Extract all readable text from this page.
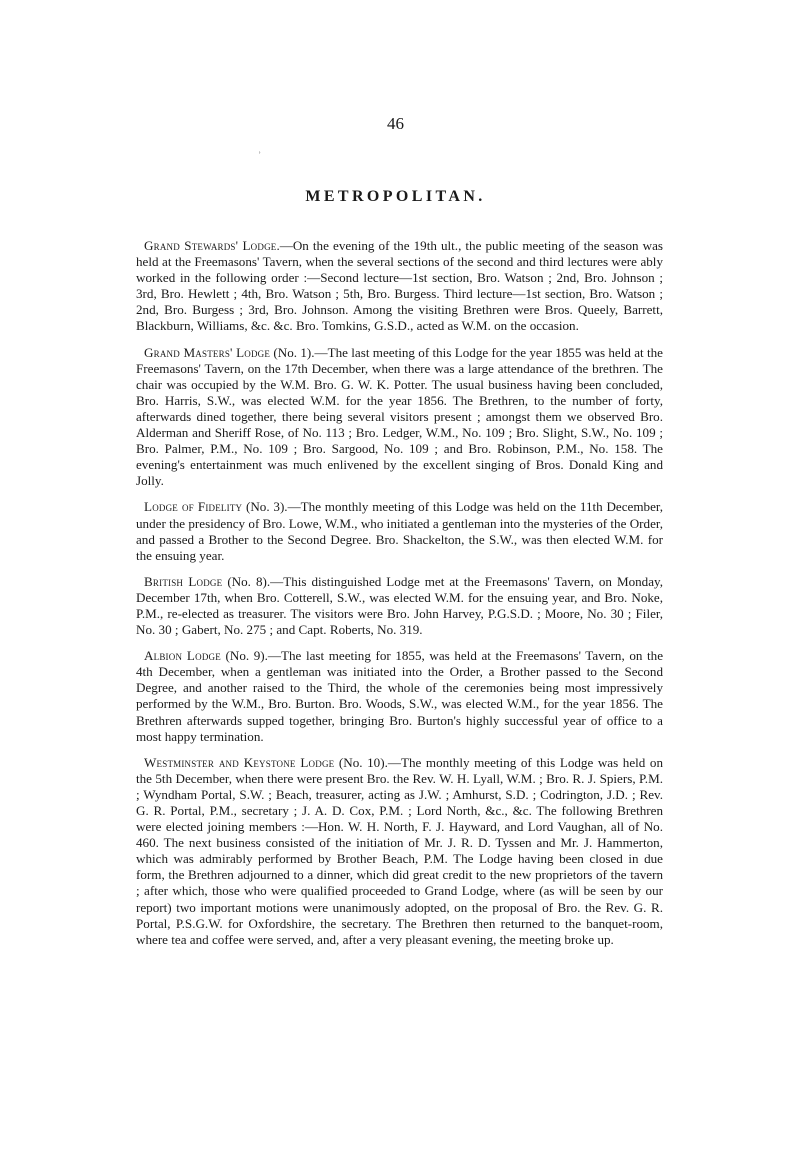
46
ʾ
METROPOLITAN.

Grand Stewards' Lodge.—On the evening of the 19th ult., the public meeting of the season was held at the Freemasons' Tavern, when the several sections of the second and third lectures were ably worked in the following order :—Second lecture—1st section, Bro. Watson ; 2nd, Bro. Johnson ; 3rd, Bro. Hewlett ; 4th, Bro. Watson ; 5th, Bro. Burgess. Third lecture—1st section, Bro. Watson ; 2nd, Bro. Burgess ; 3rd, Bro. Johnson. Among the visiting Brethren were Bros. Queely, Barrett, Blackburn, Williams, &c. &c. Bro. Tomkins, G.S.D., acted as W.M. on the occasion.

Grand Masters' Lodge (No. 1).—The last meeting of this Lodge for the year 1855 was held at the Freemasons' Tavern, on the 17th December, when there was a large attendance of the brethren. The chair was occupied by the W.M. Bro. G. W. K. Potter. The usual business having been concluded, Bro. Harris, S.W., was elected W.M. for the year 1856. The Brethren, to the number of forty, afterwards dined together, there being several visitors present ; amongst them we observed Bro. Alderman and Sheriff Rose, of No. 113 ; Bro. Ledger, W.M., No. 109 ; Bro. Slight, S.W., No. 109 ; Bro. Palmer, P.M., No. 109 ; Bro. Sargood, No. 109 ; and Bro. Robinson, P.M., No. 158. The evening's entertainment was much enlivened by the excellent singing of Bros. Donald King and Jolly.

Lodge of Fidelity (No. 3).—The monthly meeting of this Lodge was held on the 11th December, under the presidency of Bro. Lowe, W.M., who initiated a gentleman into the mysteries of the Order, and passed a Brother to the Second Degree. Bro. Shackelton, the S.W., was then elected W.M. for the ensuing year.

British Lodge (No. 8).—This distinguished Lodge met at the Freemasons' Tavern, on Monday, December 17th, when Bro. Cotterell, S.W., was elected W.M. for the ensuing year, and Bro. Noke, P.M., re-elected as treasurer. The visitors were Bro. John Harvey, P.G.S.D. ; Moore, No. 30 ; Filer, No. 30 ; Gabert, No. 275 ; and Capt. Roberts, No. 319.

Albion Lodge (No. 9).—The last meeting for 1855, was held at the Freemasons' Tavern, on the 4th December, when a gentleman was initiated into the Order, a Brother passed to the Second Degree, and another raised to the Third, the whole of the ceremonies being most impressively performed by the W.M., Bro. Burton. Bro. Woods, S.W., was elected W.M., for the year 1856. The Brethren afterwards supped together, bringing Bro. Burton's highly successful year of office to a most happy termination.

Westminster and Keystone Lodge (No. 10).—The monthly meeting of this Lodge was held on the 5th December, when there were present Bro. the Rev. W. H. Lyall, W.M. ; Bro. R. J. Spiers, P.M. ; Wyndham Portal, S.W. ; Beach, treasurer, acting as J.W. ; Amhurst, S.D. ; Codrington, J.D. ; Rev. G. R. Portal, P.M., secretary ; J. A. D. Cox, P.M. ; Lord North, &c., &c. The following Brethren were elected joining members :—Hon. W. H. North, F. J. Hayward, and Lord Vaughan, all of No. 460. The next business consisted of the initiation of Mr. J. R. D. Tyssen and Mr. J. Hammerton, which was admirably performed by Brother Beach, P.M. The Lodge having been closed in due form, the Brethren adjourned to a dinner, which did great credit to the new proprietors of the tavern ; after which, those who were qualified proceeded to Grand Lodge, where (as will be seen by our report) two important motions were unanimously adopted, on the proposal of Bro. the Rev. G. R. Portal, P.S.G.W. for Oxfordshire, the secretary. The Brethren then returned to the banquet-room, where tea and coffee were served, and, after a very pleasant evening, the meeting broke up.
